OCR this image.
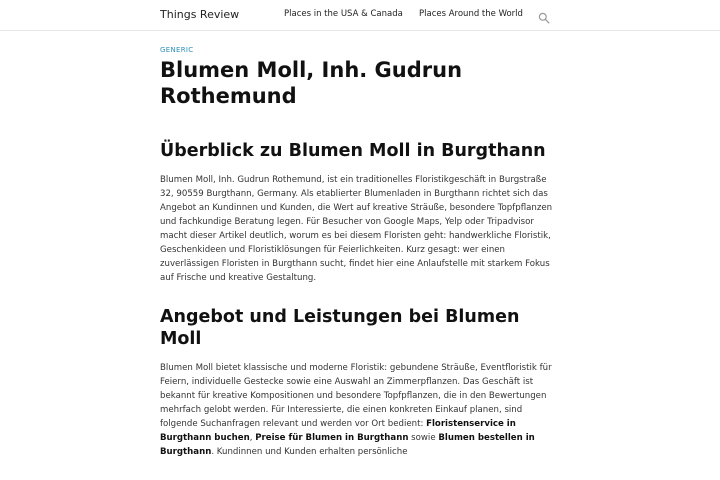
Things Review	Places in the USA & Canada Places Around the World
GENERIC
Blumen Moll, Inh. Gudrun Rothemund
Überblick zu Blumen Moll in Burgthann

Blumen Moll, Inh. Gudrun Rothemund, ist ein traditionelles Floristikgeschäft in Burgstraße 32, 90559 Burgthann, Germany. Als etablierter Blumenladen in Burgthann richtet sich das Angebot an Kundinnen und Kunden, die Wert auf kreative Sträuße, besondere Topfpflanzen und fachkundige Beratung legen. Für Besucher von Google Maps, Yelp oder Tripadvisor macht dieser Artikel deutlich, worum es bei diesem Floristen geht: handwerkliche Floristik, Geschenkideen und Floristiklösungen für Feierlichkeiten. Kurz gesagt: wer einen zuverlässigen Floristen in Burgthann sucht, findet hier eine Anlaufstelle mit starkem Fokus auf Frische und kreative Gestaltung.

Angebot und Leistungen bei Blumen Moll

Blumen Moll bietet klassische und moderne Floristik: gebundene Sträuße, Eventfloristik für Feiern, individuelle Gestecke sowie eine Auswahl an Zimmerpflanzen. Das Geschäft ist bekannt für kreative Kompositionen und besondere Topfpflanzen, die in den Bewertungen mehrfach gelobt werden. Für Interessierte, die einen konkreten Einkauf planen, sind folgende Suchanfragen relevant und werden vor Ort bedient: Floristenservice in Burgthann buchen, Preise für Blumen in Burgthann sowie Blumen bestellen in Burgthann. Kundinnen und Kunden erhalten persönliche
